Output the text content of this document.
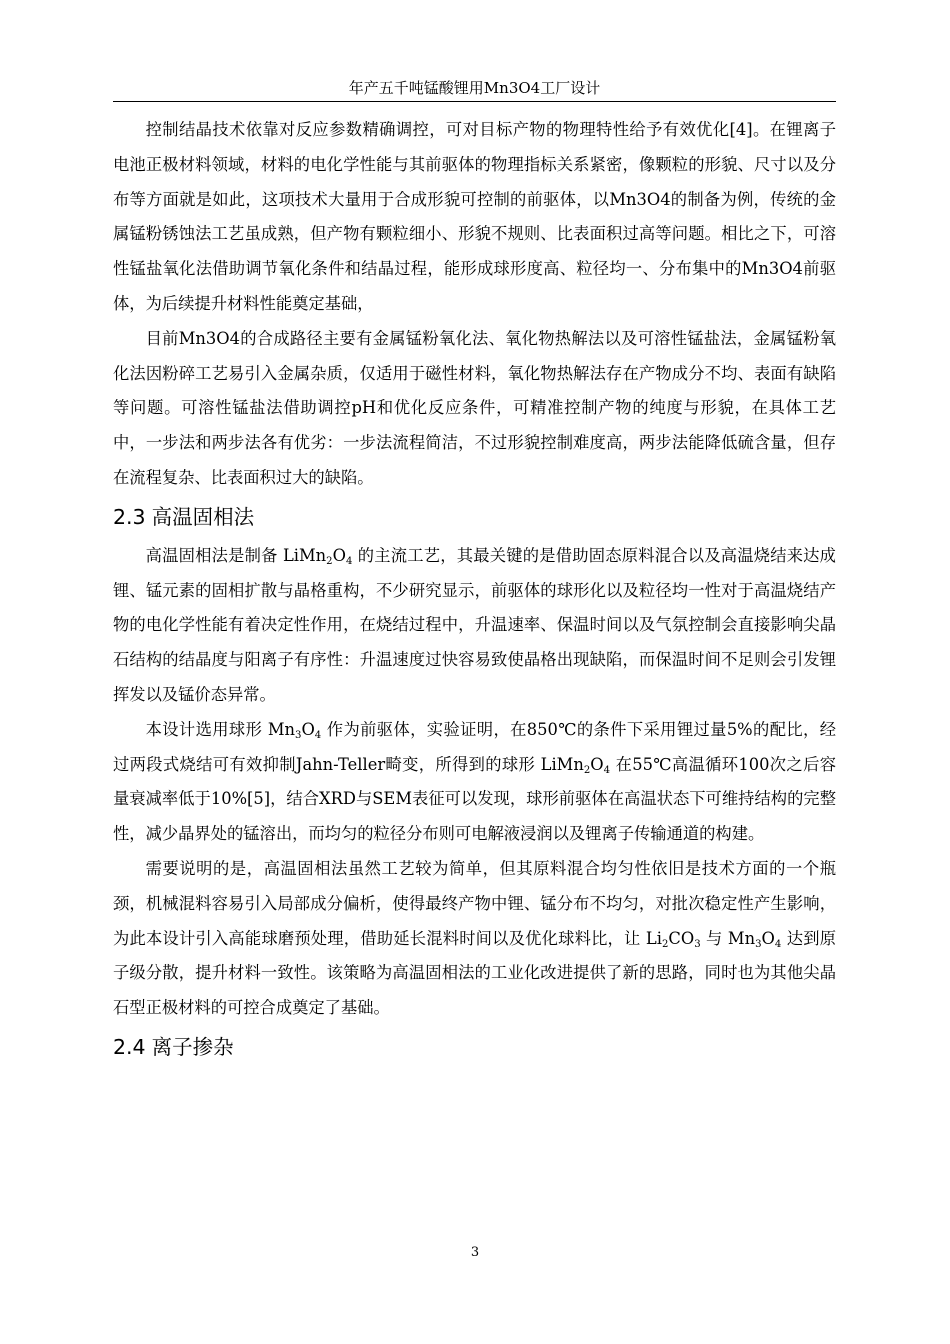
年产五千吨锰酸锂用Mn3O4工厂设计

控制结晶技术依靠对反应参数精确调控，可对目标产物的物理特性给予有效优化[4]。在锂离子电池正极材料领域，材料的电化学性能与其前驱体的物理指标关系紧密，像颗粒的形貌、尺寸以及分布等方面就是如此，这项技术大量用于合成形貌可控制的前驱体，以Mn3O4的制备为例，传统的金属锰粉锈蚀法工艺虽成熟，但产物有颗粒细小、形貌不规则、比表面积过高等问题。相比之下，可溶性锰盐氧化法借助调节氧化条件和结晶过程，能形成球形度高、粒径均一、分布集中的Mn3O4前驱体，为后续提升材料性能奠定基础，

目前Mn3O4的合成路径主要有金属锰粉氧化法、氧化物热解法以及可溶性锰盐法，金属锰粉氧化法因粉碎工艺易引入金属杂质，仅适用于磁性材料，氧化物热解法存在产物成分不均、表面有缺陷等问题。可溶性锰盐法借助调控pH和优化反应条件，可精准控制产物的纯度与形貌，在具体工艺中，一步法和两步法各有优劣：一步法流程简洁，不过形貌控制难度高，两步法能降低硫含量，但存在流程复杂、比表面积过大的缺陷。

2.3 高温固相法

高温固相法是制备 LiMn2O4 的主流工艺，其最关键的是借助固态原料混合以及高温烧结来达成锂、锰元素的固相扩散与晶格重构，不少研究显示，前驱体的球形化以及粒径均一性对于高温烧结产物的电化学性能有着决定性作用，在烧结过程中，升温速率、保温时间以及气氛控制会直接影响尖晶石结构的结晶度与阳离子有序性：升温速度过快容易致使晶格出现缺陷，而保温时间不足则会引发锂挥发以及锰价态异常。

本设计选用球形 Mn3O4 作为前驱体，实验证明，在850℃的条件下采用锂过量5%的配比，经过两段式烧结可有效抑制Jahn-Teller畸变，所得到的球形 LiMn2O4 在55℃高温循环100次之后容量衰减率低于10%[5]，结合XRD与SEM表征可以发现，球形前驱体在高温状态下可维持结构的完整性，减少晶界处的锰溶出，而均匀的粒径分布则可电解液浸润以及锂离子传输通道的构建。

需要说明的是，高温固相法虽然工艺较为简单，但其原料混合均匀性依旧是技术方面的一个瓶颈，机械混料容易引入局部成分偏析，使得最终产物中锂、锰分布不均匀，对批次稳定性产生影响，为此本设计引入高能球磨预处理，借助延长混料时间以及优化球料比，让 Li2CO3 与 Mn3O4 达到原子级分散，提升材料一致性。该策略为高温固相法的工业化改进提供了新的思路，同时也为其他尖晶石型正极材料的可控合成奠定了基础。

2.4 离子掺杂
3
